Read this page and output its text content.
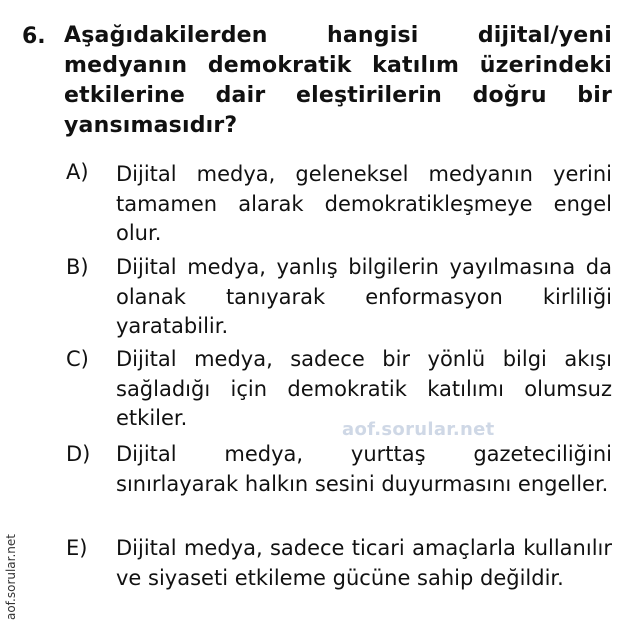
6. Aşağıdakilerden hangisi dijital/yeni medyanın demokratik katılım üzerindeki etkilerine dair eleştirilerin doğru bir yansımasıdır?
A) Dijital medya, geleneksel medyanın yerini tamamen alarak demokratikleşmeye engel olur.
B) Dijital medya, yanlış bilgilerin yayılmasına da olanak tanıyarak enformasyon kirliliği yaratabilir.
C) Dijital medya, sadece bir yönlü bilgi akışı sağladığı için demokratik katılımı olumsuz etkiler.
D) Dijital medya, yurttaş gazeteciliğini sınırlayarak halkın sesini duyurmasını engeller.
E) Dijital medya, sadece ticari amaçlarla kullanılır ve siyaseti etkileme gücüne sahip değildir.
aof.sorular.net
aof.sorular.net
